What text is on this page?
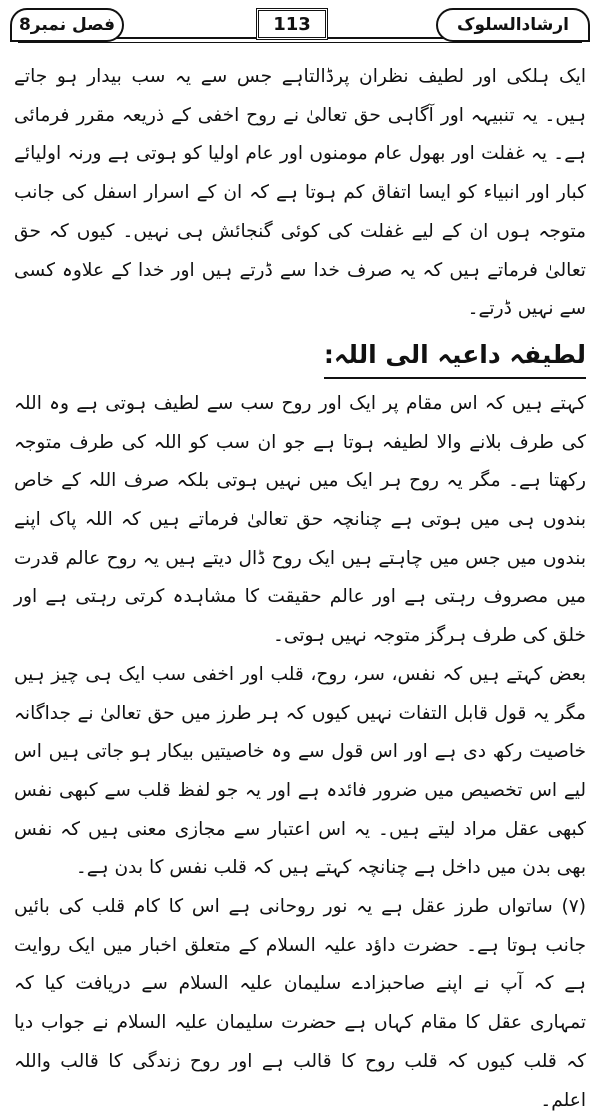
ارشادالسلوک
113
فصل نمبر8

ایک ہلکی اور لطیف نظران پرڈالتاہے جس سے یہ سب بیدار ہو جاتے ہیں۔ یہ تنبیہہ اور آگاہی حق تعالیٰ نے روح اخفی کے ذریعہ مقرر فرمائی ہے۔ یہ غفلت اور بھول عام مومنوں اور عام اولیا کو ہوتی ہے ورنہ اولیائے کبار اور انبیاء کو ایسا اتفاق کم ہوتا ہے کہ ان کے اسرار اسفل کی جانب متوجہ ہوں ان کے لیے غفلت کی کوئی گنجائش ہی نہیں۔ کیوں کہ حق تعالیٰ فرماتے ہیں کہ یہ صرف خدا سے ڈرتے ہیں اور خدا کے علاوہ کسی سے نہیں ڈرتے۔

لطیفہ داعیہ الی اللہ:

کہتے ہیں کہ اس مقام پر ایک اور روح سب سے لطیف ہوتی ہے وہ اللہ کی طرف بلانے والا لطیفہ ہوتا ہے جو ان سب کو اللہ کی طرف متوجہ رکھتا ہے۔ مگر یہ روح ہر ایک میں نہیں ہوتی بلکہ صرف اللہ کے خاص بندوں ہی میں ہوتی ہے چنانچہ حق تعالیٰ فرماتے ہیں کہ اللہ پاک اپنے بندوں میں جس میں چاہتے ہیں ایک روح ڈال دیتے ہیں یہ روح عالم قدرت میں مصروف رہتی ہے اور عالم حقیقت کا مشاہدہ کرتی رہتی ہے اور خلق کی طرف ہرگز متوجہ نہیں ہوتی۔

بعض کہتے ہیں کہ نفس، سر، روح، قلب اور اخفی سب ایک ہی چیز ہیں مگر یہ قول قابل التفات نہیں کیوں کہ ہر طرز میں حق تعالیٰ نے جداگانہ خاصیت رکھ دی ہے اور اس قول سے وہ خاصیتیں بیکار ہو جاتی ہیں اس لیے اس تخصیص میں ضرور فائدہ ہے اور یہ جو لفظ قلب سے کبھی نفس کبھی عقل مراد لیتے ہیں۔ یہ اس اعتبار سے مجازی معنی ہیں کہ نفس بھی بدن میں داخل ہے چنانچہ کہتے ہیں کہ قلب نفس کا بدن ہے۔

(۷) ساتواں طرز عقل ہے یہ نور روحانی ہے اس کا کام قلب کی بائیں جانب ہوتا ہے۔ حضرت داؤد علیہ السلام کے متعلق اخبار میں ایک روایت ہے کہ آپ نے اپنے صاحبزادے سلیمان علیہ السلام سے دریافت کیا کہ تمہاری عقل کا مقام کہاں ہے حضرت سلیمان علیہ السلام نے جواب دیا کہ قلب کیوں کہ قلب روح کا قالب ہے اور روح زندگی کا قالب واللہ اعلم۔
